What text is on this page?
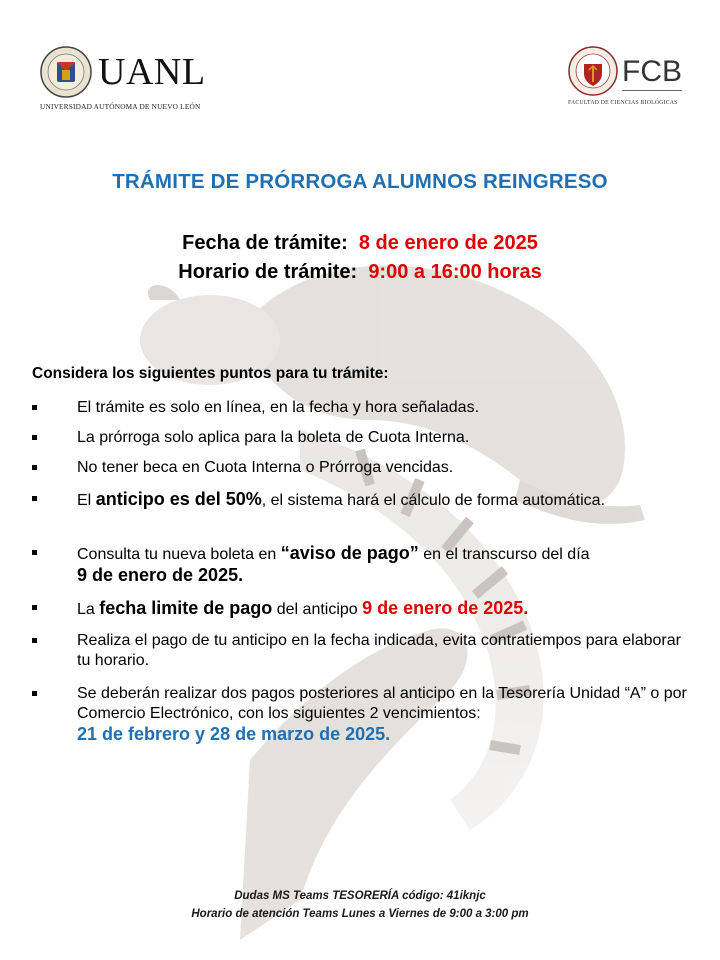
UANL
UNIVERSIDAD AUTÓNOMA DE NUEVO LEÓN
FCB
FACULTAD DE CIENCIAS BIOLÓGICAS
TRÁMITE DE PRÓRROGA ALUMNOS REINGRESO
Fecha de trámite: 8 de enero de 2025
Horario de trámite: 9:00 a 16:00 horas
Considera los siguientes puntos para tu trámite:
El trámite es solo en línea, en la fecha y hora señaladas.
La prórroga solo aplica para la boleta de Cuota Interna.
No tener beca en Cuota Interna o Prórroga vencidas.
El anticipo es del 50%, el sistema hará el cálculo de forma automática.
Consulta tu nueva boleta en “aviso de pago” en el transcurso del día
9 de enero de 2025.
La fecha limite de pago del anticipo 9 de enero de 2025.
Realiza el pago de tu anticipo en la fecha indicada, evita contratiempos para elaborar tu horario.
Se deberán realizar dos pagos posteriores al anticipo en la Tesorería Unidad “A” o por Comercio Electrónico, con los siguientes 2 vencimientos:
21 de febrero y 28 de marzo de 2025.
Dudas MS Teams TESORERÍA código: 41iknjc
Horario de atención Teams Lunes a Viernes de 9:00 a 3:00 pm
